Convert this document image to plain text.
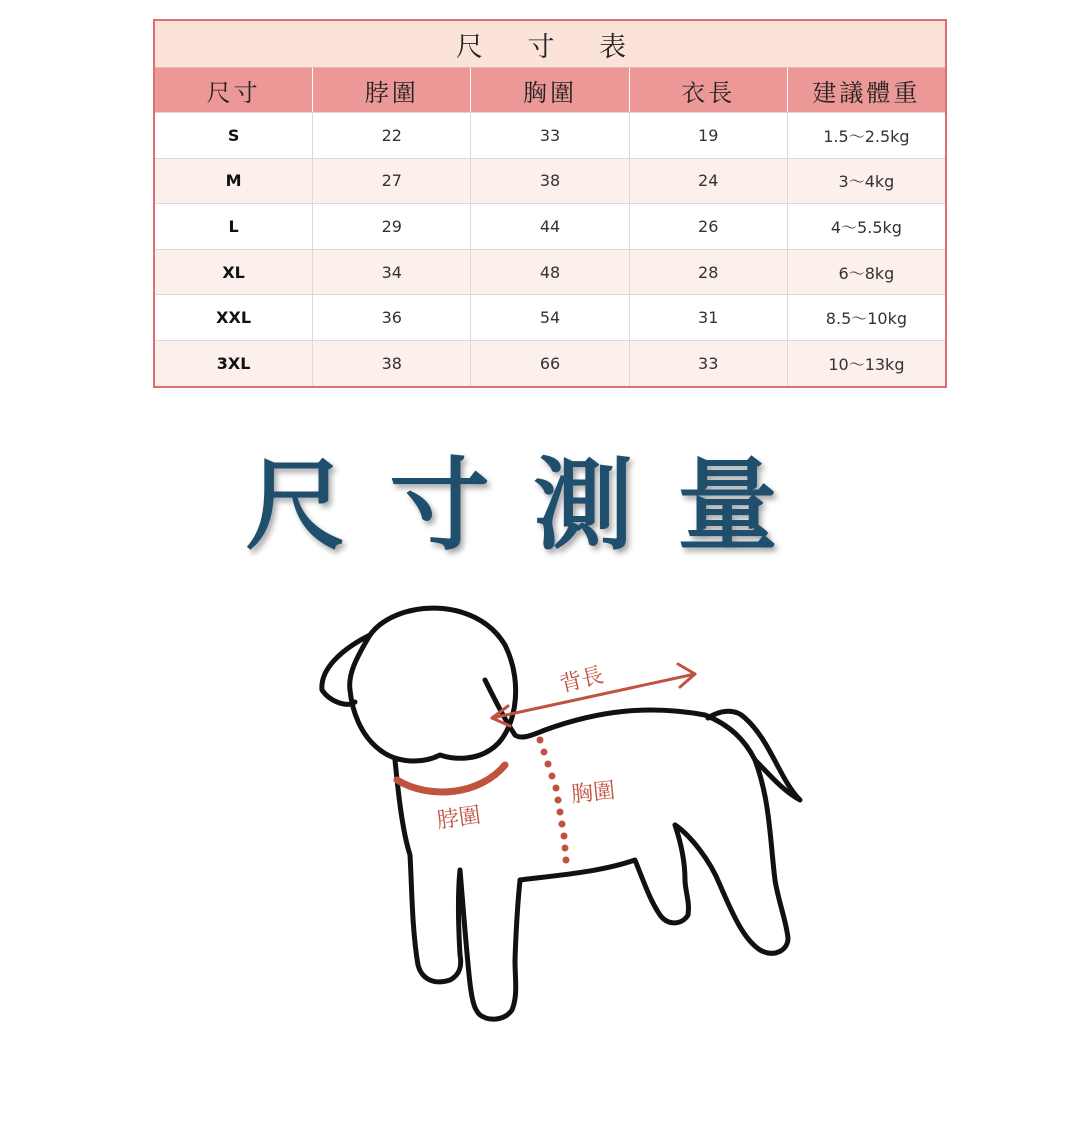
尺 寸 表
尺寸	脖圍	胸圍	衣長	建議體重
S	22	33	19	1.5～2.5kg
M	27	38	24	3～4kg
L	29	44	26	4～5.5kg
XL	34	48	28	6～8kg
XXL	36	54	31	8.5～10kg
3XL	38	66	33	10～13kg
尺寸測量
背長
脖圍
胸圍
